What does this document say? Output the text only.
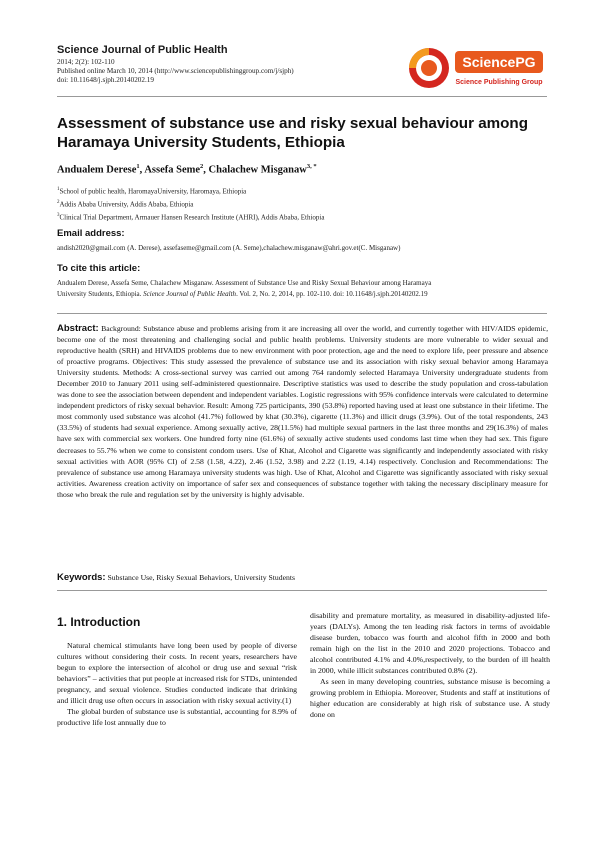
Science Journal of Public Health
2014; 2(2): 102-110
Published online March 10, 2014 (http://www.sciencepublishinggroup.com/j/sjph)
doi: 10.11648/j.sjph.20140202.19
SciencePG
Science Publishing Group
Assessment of substance use and risky sexual behaviour among Haramaya University Students, Ethiopia
Andualem Derese$^1$, Assefa Seme$^2$, Chalachew Misganaw$^{3, *}$
$^1$School of public health, HaromayaUniversity, Haromaya, Ethiopia
$^2$Addis Ababa University, Addis Ababa, Ethiopia
$^3$Clinical Trial Department, Armauer Hansen Research Institute (AHRI), Addis Ababa, Ethiopia
Email address:
andish2020@gmail.com (A. Derese), assefaseme@gmail.com (A. Seme),chalachew.misganaw@ahri.gov.et(C. Misganaw)
To cite this article:
Andualem Derese, Assefa Seme, Chalachew Misganaw. Assessment of Substance Use and Risky Sexual Behaviour among Haramaya
University Students, Ethiopia. Science Journal of Public Health. Vol. 2, No. 2, 2014, pp. 102-110. doi: 10.11648/j.sjph.20140202.19
Abstract: Background: Substance abuse and problems arising from it are increasing all over the world, and currently together with HIV/AIDS epidemic, become one of the most threatening and challenging social and public health problems. University students are more vulnerable to wider sexual and reproductive health (SRH) and HIVAIDS problems due to new environment with poor protection, age and the need to explore life, peer pressure and absence of proactive programs. Objectives: This study assessed the prevalence of substance use and its association with risky sexual behavior among Haramaya University students. Methods: A cross-sectional survey was carried out among 764 randomly selected Haramaya University undergraduate students from December 2010 to January 2011 using self-administered questionnaire. Descriptive statistics was used to describe the study population and cross-tabulation was done to see the association between dependent and independent variables. Logistic regressions with 95% confidence intervals were calculated to determine independent predictors of risky sexual behavior. Result: Among 725 participants, 390 (53.8%) reported having used at least one substance in their lifetime. The most commonly used substance was alcohol (41.7%) followed by khat (30.3%), cigarette (11.3%) and illicit drugs (3.9%). Out of the total respondents, 243 (33.5%) of students had sexual experience. Among sexually active, 28(11.5%) had multiple sexual partners in the last three months and 29(16.3%) of males have sex with commercial sex workers. One hundred forty nine (61.6%) of sexually active students used condoms last time when they had sex. This figure decreases to 55.7% when we come to consistent condom users. Use of Khat, Alcohol and Cigarette was significantly and independently associated with risky sexual activities with AOR (95% CI) of 2.58 (1.58, 4.22), 2.46 (1.52, 3.98) and 2.22 (1.19, 4.14) respectively. Conclusion and Recommendations: The prevalence of substance use among Haramaya university students was high. Use of Khat, Alcohol and Cigarette was significantly associated with risky sexual activities. Awareness creation activity on importance of safer sex and consequences of substance together with taking the necessary disciplinary measure for those who break the rule and regulation set by the university is highly advisable.
Keywords: Substance Use, Risky Sexual Behaviors, University Students
1. Introduction

Natural chemical stimulants have long been used by people of diverse cultures without considering their costs. In recent years, researchers have begun to explore the intersection of alcohol or drug use and sexual “risk behaviors” – activities that put people at increased risk for STDs, unintended pregnancy, and sexual violence. Studies conducted indicate that drinking and illicit drug use often occurs in association with risky sexual activity.(1)

The global burden of substance use is substantial, accounting for 8.9% of productive life lost annually due to

disability and premature mortality, as measured in disability-adjusted life-years (DALYs). Among the ten leading risk factors in terms of avoidable disease burden, tobacco was fourth and alcohol fifth in 2000 and both remain high on the list in the 2010 and 2020 projections. Tobacco and alcohol contributed 4.1% and 4.0%,respectively, to the burden of ill health in 2000, while illicit substances contributed 0.8% (2).

As seen in many developing countries, substance misuse is becoming a growing problem in Ethiopia. Moreover, Students and staff at institutions of higher education are considerably at high risk of substance use. A study done on
